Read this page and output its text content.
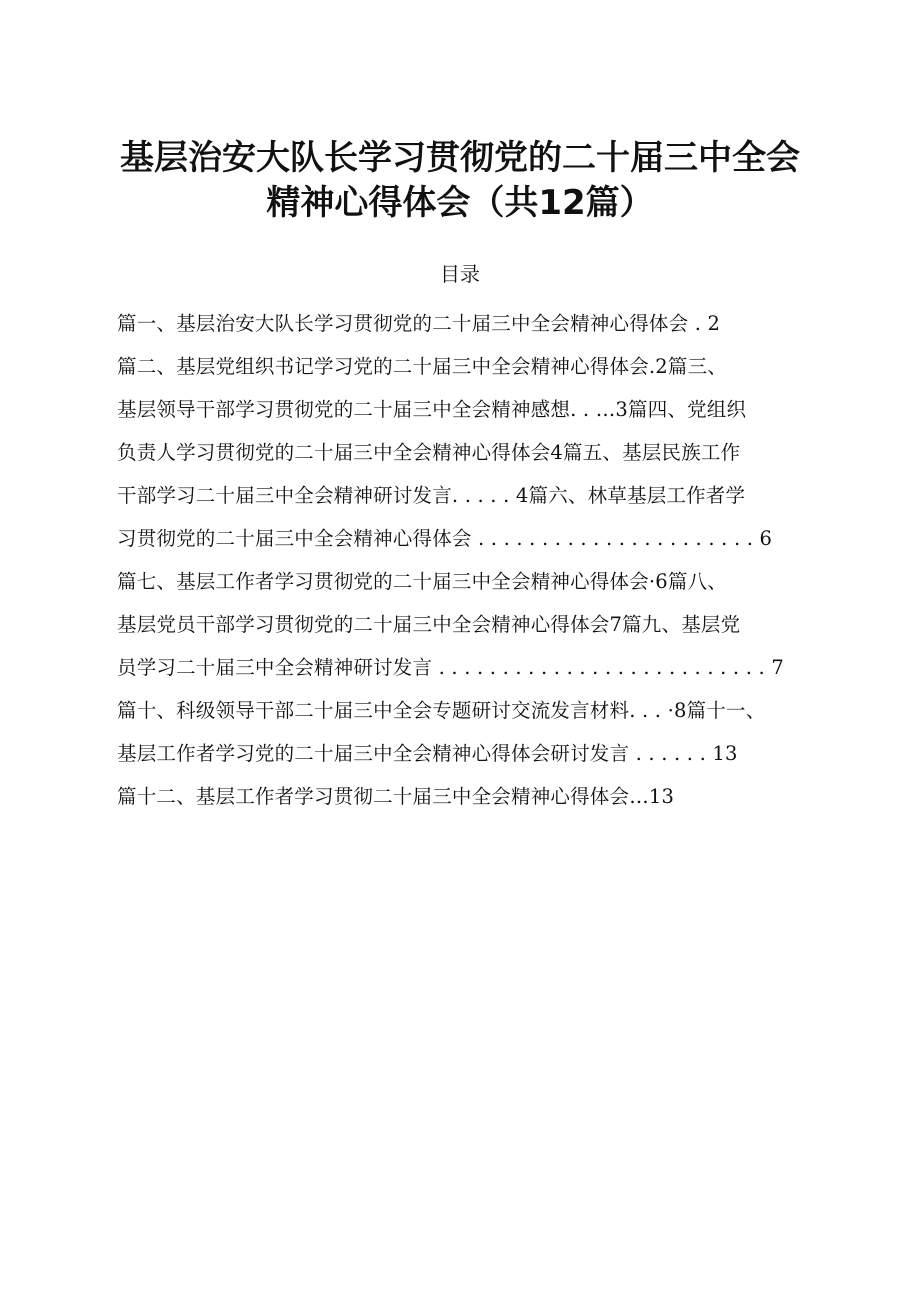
基层治安大队长学习贯彻党的二十届三中全会
精神心得体会（共12篇）
目录
篇一、基层治安大队长学习贯彻党的二十届三中全会精神心得体会 . 2
篇二、基层党组织书记学习党的二十届三中全会精神心得体会.2篇三、
基层领导干部学习贯彻党的二十届三中全会精神感想. . …3篇四、党组织
负责人学习贯彻党的二十届三中全会精神心得体会4篇五、基层民族工作
干部学习二十届三中全会精神研讨发言. . . . . 4篇六、林草基层工作者学
习贯彻党的二十届三中全会精神心得体会 . . . . . . . . . . . . . . . . . . . . . . 6
篇七、基层工作者学习贯彻党的二十届三中全会精神心得体会·6篇八、
基层党员干部学习贯彻党的二十届三中全会精神心得体会7篇九、基层党
员学习二十届三中全会精神研讨发言 . . . . . . . . . . . . . . . . . . . . . . . . . . 7
篇十、科级领导干部二十届三中全会专题研讨交流发言材料. . . ·8篇十一、
基层工作者学习党的二十届三中全会精神心得体会研讨发言 . . . . . . 13
篇十二、基层工作者学习贯彻二十届三中全会精神心得体会…13
